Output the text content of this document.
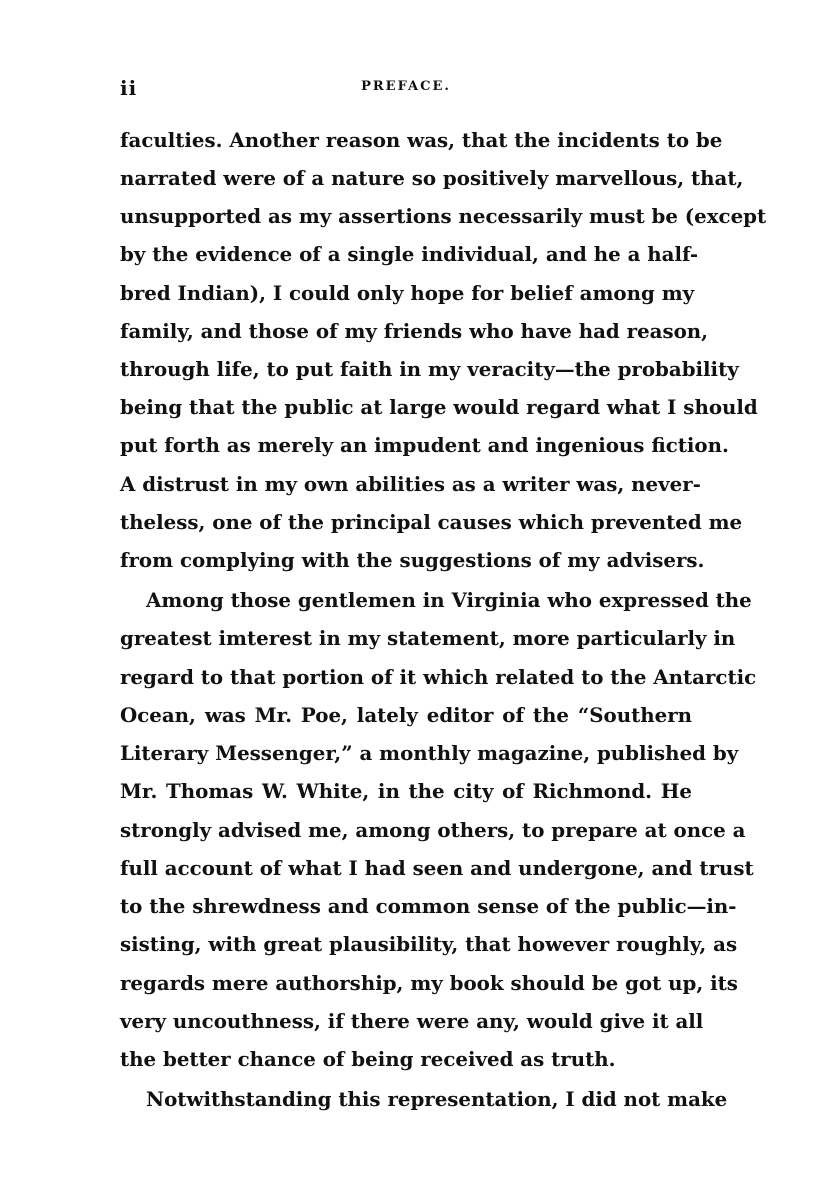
ii	PREFACE.
faculties. Another reason was, that the incidents to be
narrated were of a nature so positively marvellous, that,
unsupported as my assertions necessarily must be (except
by the evidence of a single individual, and he a half-
bred Indian), I could only hope for belief among my
family, and those of my friends who have had reason,
through life, to put faith in my veracity—the probability
being that the public at large would regard what I should
put forth as merely an impudent and ingenious fiction.
A distrust in my own abilities as a writer was, never-
theless, one of the principal causes which prevented me
from complying with the suggestions of my advisers.
Among those gentlemen in Virginia who expressed the
greatest imterest in my statement, more particularly in
regard to that portion of it which related to the Antarctic
Ocean, was Mr. Poe, lately editor of the “Southern
Literary Messenger,” a monthly magazine, published by
Mr. Thomas W. White, in the city of Richmond. He
strongly advised me, among others, to prepare at once a
full account of what I had seen and undergone, and trust
to the shrewdness and common sense of the public—in-
sisting, with great plausibility, that however roughly, as
regards mere authorship, my book should be got up, its
very uncouthness, if there were any, would give it all
the better chance of being received as truth.
Notwithstanding this representation, I did not make
